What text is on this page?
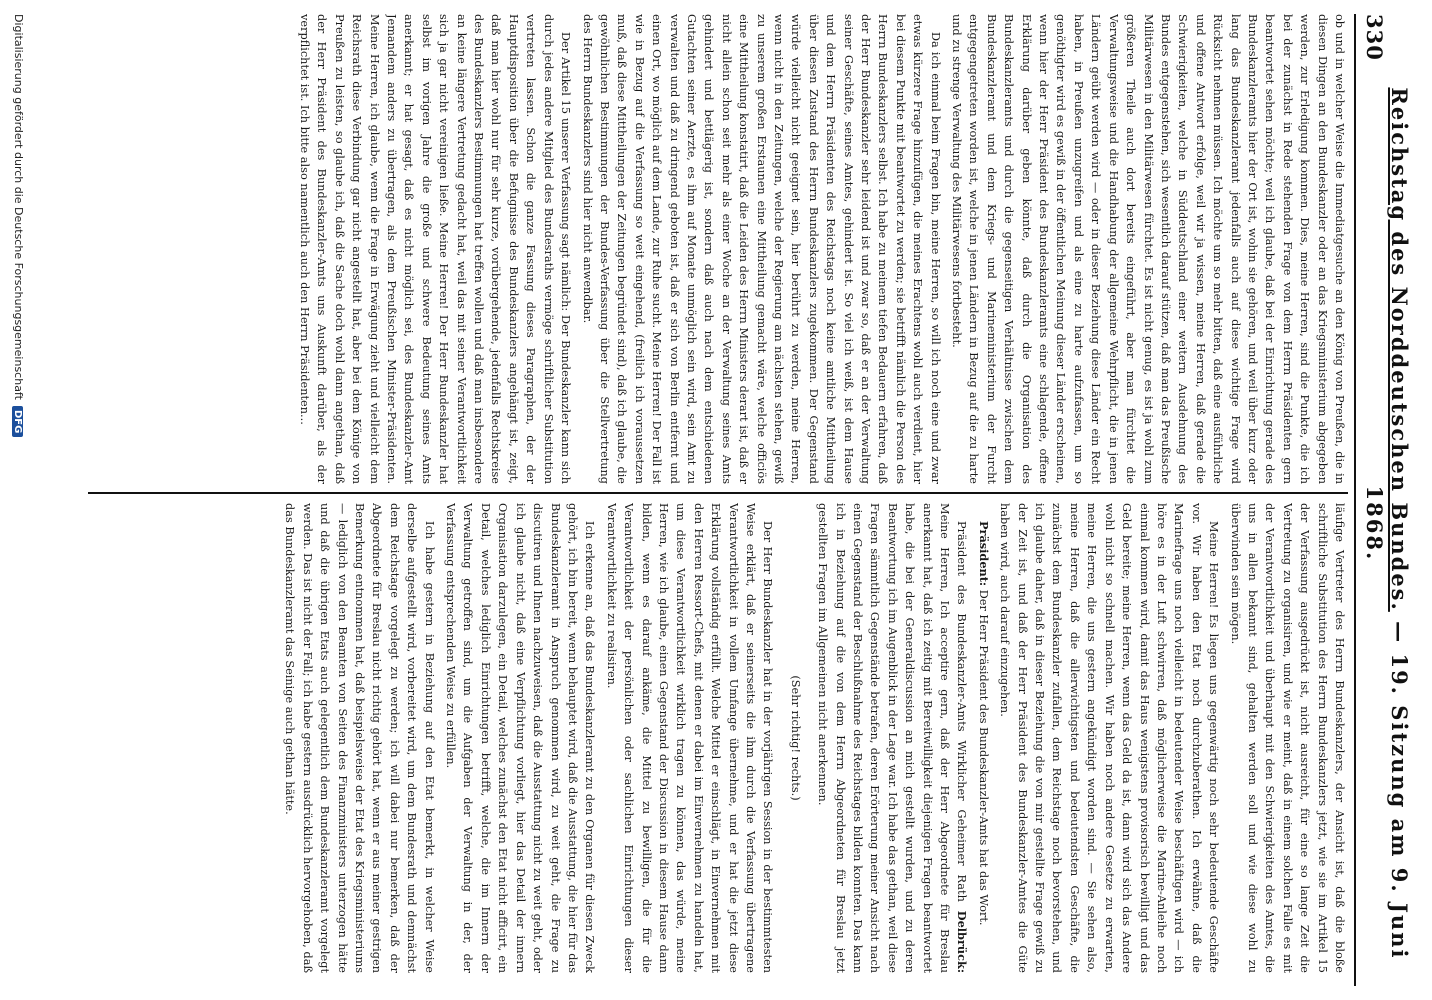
330
Reichstag des Norddeutschen Bundes. — 19. Sitzung am 9. Juni 1868.

ob und in welcher Weise die Immediatgesuche an den König von Preußen, die in diesen Dingen an den Bundeskanzler oder an das Kriegsministerium abgegeben werden, zur Erledigung kommen. Dies, meine Herren, sind die Punkte, die ich bei der zunächst in Rede stehenden Frage von dem Herrn Präsidenten gern beantwortet sehen möchte; weil ich glaube, daß bei der Einrichtung gerade des Bundeskanzleramts hier der Ort ist, wohin sie gehören, und weil über kurz oder lang das Bundeskanzleramt jedenfalls auch auf diese wichtige Frage wird Rücksicht nehmen müssen. Ich möchte um so mehr bitten, daß eine ausführliche und offene Antwort erfolge, weil wir ja wissen, meine Herren, daß gerade die Schwierigkeiten, welche in Süddeutschland einer weitern Ausdehnung des Bundes entgegenstehen, sich wesentlich darauf stützen, daß man das Preußische Militärwesen in den Militärwesen fürchtet. Es ist nicht genug, es ist ja wohl zum größeren Theile auch dort bereits eingeführt, aber man fürchtet die Verwaltungsweise und die Handhabung der allgemeine Wehrpflicht, die in jenen Ländern geübt werden wird — oder in dieser Beziehung diese Länder ein Recht haben, in Preußen unzugreifen und als eine zu harte aufzufassen, um so genöthigter wird es gewiß in der öffentlichen Meinung dieser Länder erscheinen, wenn hier der Herr Präsident des Bundeskanzleramts eine schlagende, offene Erklärung darüber geben könnte, daß durch die Organisation des Bundeskanzleramts und durch die gegenseitigen Verhältnisse zwischen dem Bundeskanzleramt und dem Kriegs- und Marineministerium der Furcht entgegengetreten worden ist, welche in jenen Ländern in Bezug auf die zu harte und zu strenge Verwaltung des Militärwesens fortbesteht.

Da ich einmal beim Fragen bin, meine Herren, so will ich noch eine und zwar etwas kürzere Frage hinzufügen, die meines Erachtens wohl auch verdient, hier bei diesem Punkte mit beantwortet zu werden; sie betrifft nämlich die Person des Herrn Bundeskanzlers selbst. Ich habe zu meinem tiefen Bedauern erfahren, daß der Herr Bundeskanzler sehr leidend ist und zwar so, daß er an der Verwaltung seiner Geschäfte, seines Amtes, gehindert ist. So viel ich weiß, ist dem Hause und dem Herrn Präsidenten des Reichstags noch keine amtliche Mittheilung über diesen Zustand des Herrn Bundeskanzlers zugekommen. Der Gegenstand würde vielleicht nicht geeignet sein, hier berührt zu werden, meine Herren, wenn nicht in den Zeitungen, welche der Regierung am nächsten stehen, gewiß zu unserem großen Erstaunen eine Mittheilung gemacht wäre, welche officiös eine Mittheilung konstatirt, daß die Leiden des Herrn Ministers derart ist, daß er nicht allein schon seit mehr als einer Woche an der Verwaltung seines Amts gehindert und bettlägerig ist, sondern daß auch nach dem entschiedenen Gutachten seiner Aerzte, es ihm auf Monate unmöglich sein wird, sein Amt zu verwalten und daß zu dringend geboten ist, daß er sich von Berlin entfernt und einen Ort, wo möglich auf dem Lande, zur Ruhe sucht. Meine Herren! Der Fall ist wie in Bezug auf die Verfassung so weit eingehend, (freilich ich voraussetzen muß, daß diese Mittheilungen der Zeitungen begründet sind), daß ich glaube, die gewöhnlichen Bestimmungen der Bundes-Verfassung über die Stellvertretung des Herrn Bundeskanzlers sind hier nicht anwendbar.

Der Artikel 15 unserer Verfassung sagt nämlich: Der Bundeskanzler kann sich durch jedes andere Mitglied des Bundesraths vermöge schriftlicher Substitution vertreten lassen. Schon die ganze Fassung dieses Paragraphen, der der Hauptdisposition über die Befugnisse des Bundeskanzlers angehängt ist, zeigt, daß man hier wohl nur für sehr kurze, vorübergehende, jedenfalls Rechtskreise des Bundeskanzlers Bestimmungen hat treffen wollen und daß man insbesondere an keine längere Vertretung gedacht hat, weil das mit seiner Verantwortlichkeit sich ja gar nicht vereinigen ließe. Meine Herren! Der Herr Bundeskanzler hat selbst im vorigen Jahre die große und schwere Bedeutung seines Amts anerkannt; er hat gesagt, daß es nicht möglich sei, des Bundeskanzler-Amt Jemandem anders zu übertragen, als dem Preußischen Minister-Präsidenten. Meine Herren, ich glaube, wenn die Frage in Erwägung zieht und vielleicht dem Reichsrath diese Verbindung gar nicht angestellt hat, aber bei dem Könige von Preußen zu leisten, so glaube ich, daß die Sache doch wohl dann angethan, daß der Herr Präsident des Bundeskanzler-Amts uns Auskunft darüber, als der verpflichtet ist. Ich bitte also namentlich auch den Herrn Präsidenten...

läufige Vertreter des Herrn Bundeskanzlers, der Ansicht ist, daß die bloße schriftliche Substitution des Herrn Bundeskanzlers jetzt, wie sie im Artikel 15 der Verfassung ausgedrückt ist, nicht ausreicht, für eine so lange Zeit die Vertretung zu organisiren, und wie er meint, daß in einem solchen Falle es mit der Verantwortlichkeit und überhaupt mit den Schwierigkeiten des Amtes, die uns in allen bekannt sind, gehalten werden soll und wie diese wohl zu überwinden sein mögen.

Meine Herren! Es liegen uns gegenwärtig noch sehr bedeutende Geschäfte vor. Wir haben den Etat noch durchzuberathen. Ich erwähne, daß die Marinefrage uns noch vielleicht in bedeutender Weise beschäftigen wird — ich höre es in der Luft schwirren, daß möglicherweise die Marine-Anleihe noch einmal kommen wird, damit das Haus wenigstens provisorisch bewilligt und das Geld bereite; meine Herren, wenn das Geld da ist, dann wird sich das Andere wohl nicht so schnell machen. Wir haben noch andere Gesetze zu erwarten, meine Herren, die uns gestern angekündigt worden sind. — Sie sehen also, meine Herren, daß die allerwichtigsten und bedeutendsten Geschäfte, die zunächst dem Bundeskanzler zufallen, dem Reichstage noch bevorstehen, und ich glaube daher, daß in dieser Beziehung die von mir gestellte Frage gewiß zu der Zeit ist, und daß der Herr Präsident des Bundeskanzler-Amtes die Güte haben wird, auch darauf einzugehen.

Präsident: Der Herr Präsident des Bundeskanzler-Amts hat das Wort.

Präsident des Bundeskanzler-Amts Wirklicher Geheimer Rath Delbrück: Meine Herren, Ich acceptire gern, daß der Herr Abgeordnete für Breslau anerkannt hat, daß ich zeitig mit Bereitwilligkeit diejenigen Fragen beantwortet habe, die bei der Generaldiscussion an mich gestellt wurden, und zu deren Beantwortung ich im Augenblick in der Lage war. Ich habe das gethan, weil diese Fragen sämmtlich Gegenstände betrafen, deren Erörterung meiner Ansicht nach einen Gegenstand der Beschlußnahme des Reichstages bilden konnten. Das kann ich in Beziehung auf die von dem Herrn Abgeordneten für Breslau jetzt gestellten Fragen im Allgemeinen nicht anerkennen.

(Sehr richtig! rechts.)

Der Herr Bundeskanzler hat in der vorjährigen Session in der bestimmtesten Weise erklärt, daß er seinerseits die ihm durch die Verfassung übertragene Verantwortlichkeit in vollem Umfange übernehme, und er hat die jetzt diese Erklärung vollständig erfüllt. Welche Mittel er einschlägt, in Einvernehmen mit den Herren Ressort-Chefs, mit denen er dabei im Einvernehmen zu handeln hat, um diese Verantwortlichkeit wirklich tragen zu können, das würde, meine Herren, wie ich glaube, einen Gegenstand der Discussion in diesem Hause dann bilden, wenn es darauf ankäme, die Mittel zu bewilligen, die für die Verantwortlichkeit der persönlichen oder sachlichen Einrichtungen dieser Verantwortlichkeit zu realisiren.

Ich erkenne an, daß das Bundeskanzleramt zu den Organen für diesen Zweck gehört, ich bin bereit, wenn behauptet wird, daß die Ausstattung, die hier für das Bundeskanzleramt in Anspruch genommen wird, zu weit geht, die Frage zu discutiren und Ihnen nachzuweisen, daß die Ausstattung nicht zu weit geht, oder ich glaube nicht, daß eine Verpflichtung vorliegt, hier das Detail der innern Organisation darzulegen, ein Detail, welches zunächst den Etat nicht afficirt, ein Detail, welches lediglich Einrichtungen betrifft, welche, die im Innern der Verwaltung getroffen sind, um die Aufgaben der Verwaltung in der, der Verfassung entsprechenden Weise zu erfüllen.

Ich habe gestern in Beziehung auf den Etat bemerkt, in welcher Weise derselbe aufgestellt wird, vorbereitet wird, um dem Bundesrath und demnächst dem Reichstage vorgelegt zu werden; ich will dabei nur bemerken, daß der Abgeordnete für Breslau nicht richtig gehört hat, wenn er aus meiner gestrigen Bemerkung entnommen hat, daß beispielsweise der Etat des Kriegsministeriums — lediglich von den Beamten von Seiten des Finanzministers unterzogen hätte und daß die übrigen Etats auch gelegentlich dem Bundeskanzleramt vorgelegt werden. Das ist nicht der Fall; ich habe gestern ausdrücklich hervorgehoben, daß das Bundeskanzleramt das Seinige auch gethan hätte.

Digitalisierung gefördert durch die Deutsche ForschungsgemeinschaftDFG
